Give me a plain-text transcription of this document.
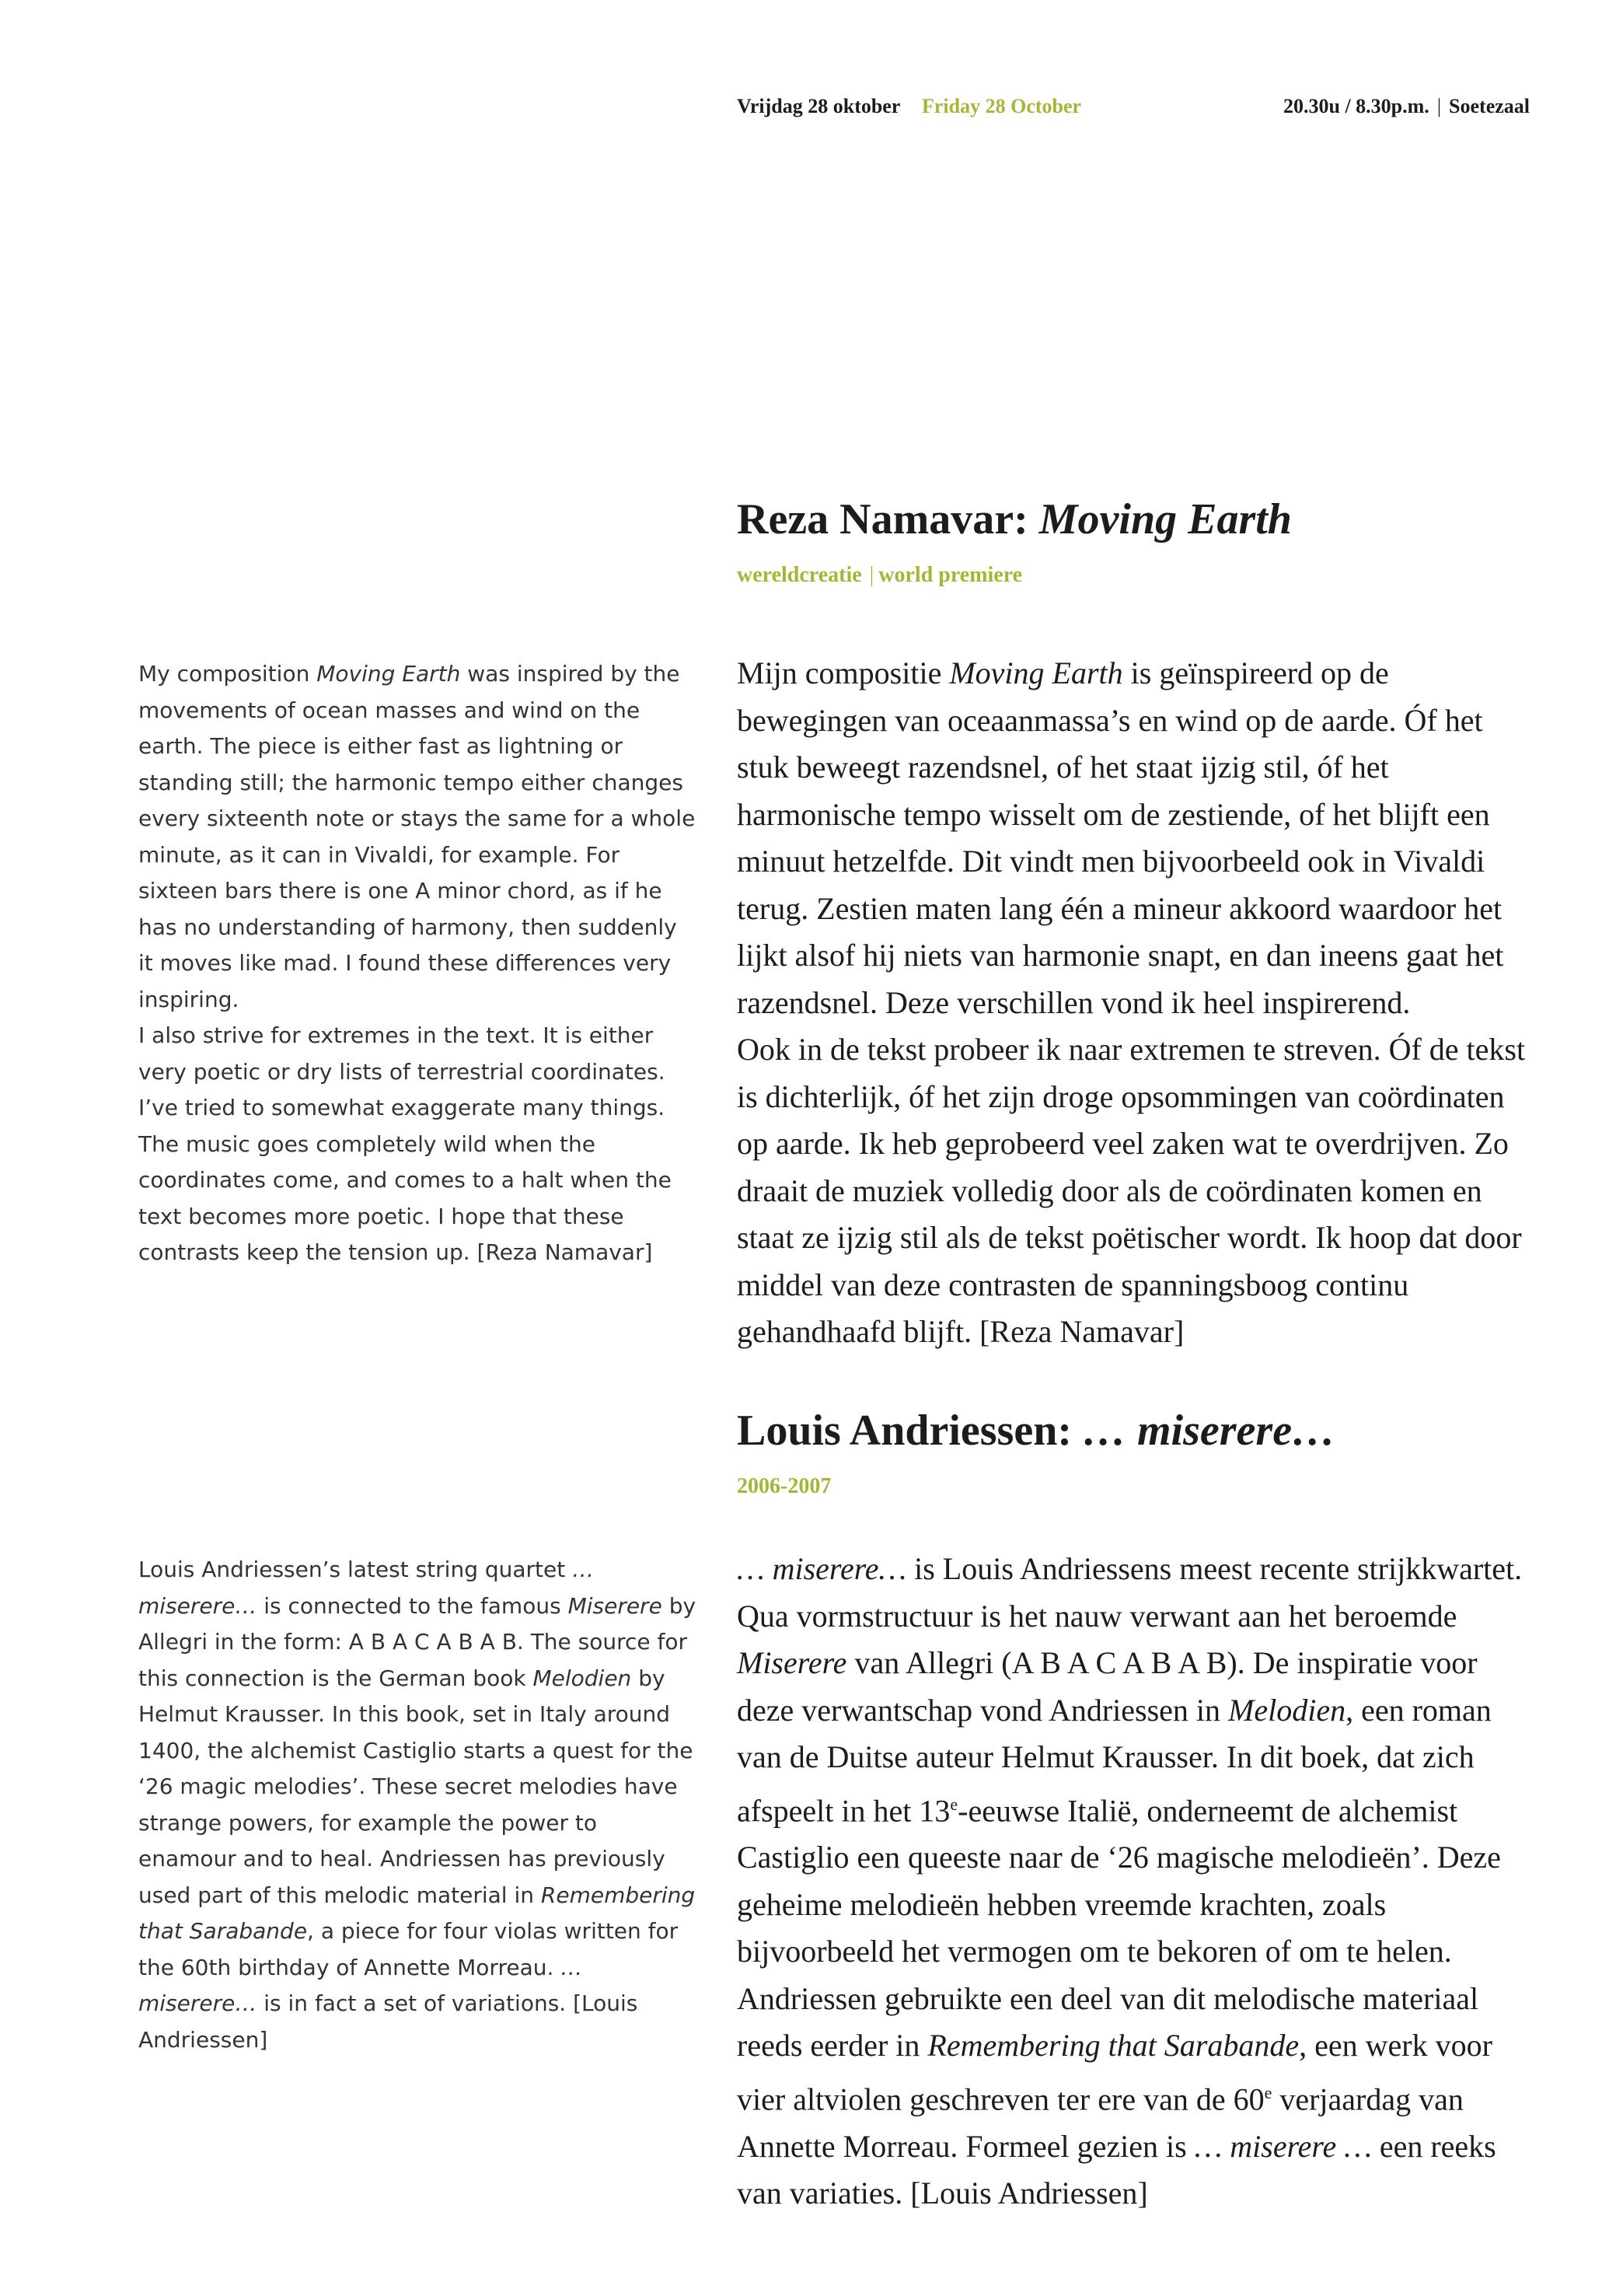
Vrijdag 28 oktober Friday 28 October	20.30u / 8.30p.m. | Soetezaal
Reza Namavar: Moving Earth
wereldcreatie | world premiere
My composition Moving Earth was inspired by the movements of ocean masses and wind on the earth. The piece is either fast as lightning or standing still; the harmonic tempo either changes every sixteenth note or stays the same for a whole minute, as it can in Vivaldi, for example. For sixteen bars there is one A minor chord, as if he has no understanding of harmony, then suddenly it moves like mad. I found these differences very inspiring.
I also strive for extremes in the text. It is either very poetic or dry lists of terrestrial coordinates. I’ve tried to somewhat exaggerate many things. The music goes completely wild when the coordinates come, and comes to a halt when the text becomes more poetic. I hope that these contrasts keep the tension up. [Reza Namavar]
Mijn compositie Moving Earth is geïnspireerd op de bewegingen van oceaanmassa’s en wind op de aarde. Óf het stuk beweegt razendsnel, of het staat ijzig stil, óf het harmonische tempo wisselt om de zestiende, of het blijft een minuut hetzelfde. Dit vindt men bijvoorbeeld ook in Vivaldi terug. Zestien maten lang één a mineur akkoord waardoor het lijkt alsof hij niets van harmonie snapt, en dan ineens gaat het razendsnel. Deze verschillen vond ik heel inspirerend.
Ook in de tekst probeer ik naar extremen te streven. Óf de tekst is dichterlijk, óf het zijn droge opsommingen van coördinaten op aarde. Ik heb geprobeerd veel zaken wat te overdrijven. Zo draait de muziek volledig door als de coördinaten komen en staat ze ijzig stil als de tekst poëtischer wordt. Ik hoop dat door middel van deze contrasten de spanningsboog continu gehandhaafd blijft. [Reza Namavar]
Louis Andriessen: … miserere…
2006-2007
Louis Andriessen’s latest string quartet …miserere… is connected to the famous Miserere by Allegri in the form: A B A C A B A B. The source for this connection is the German book Melodien by Helmut Krausser. In this book, set in Italy around 1400, the alchemist Castiglio starts a quest for the ‘26 magic melodies’. These secret melodies have strange powers, for example the power to enamour and to heal. Andriessen has previously used part of this melodic material in Remembering that Sarabande, a piece for four violas written for the 60th birthday of Annette Morreau. …miserere… is in fact a set of variations. [Louis Andriessen]
… miserere… is Louis Andriessens meest recente strijkkwartet. Qua vormstructuur is het nauw verwant aan het beroemde Miserere van Allegri (A B A C A B A B). De inspiratie voor deze verwantschap vond Andriessen in Melodien, een roman van de Duitse auteur Helmut Krausser. In dit boek, dat zich afspeelt in het 13e-eeuwse Italië, onderneemt de alchemist Castiglio een queeste naar de ‘26 magische melodieën’. Deze geheime melodieën hebben vreemde krachten, zoals bijvoorbeeld het vermogen om te bekoren of om te helen. Andriessen gebruikte een deel van dit melodische materiaal reeds eerder in Remembering that Sarabande, een werk voor vier altviolen geschreven ter ere van de 60e verjaardag van Annette Morreau. Formeel gezien is … miserere … een reeks van variaties. [Louis Andriessen]
